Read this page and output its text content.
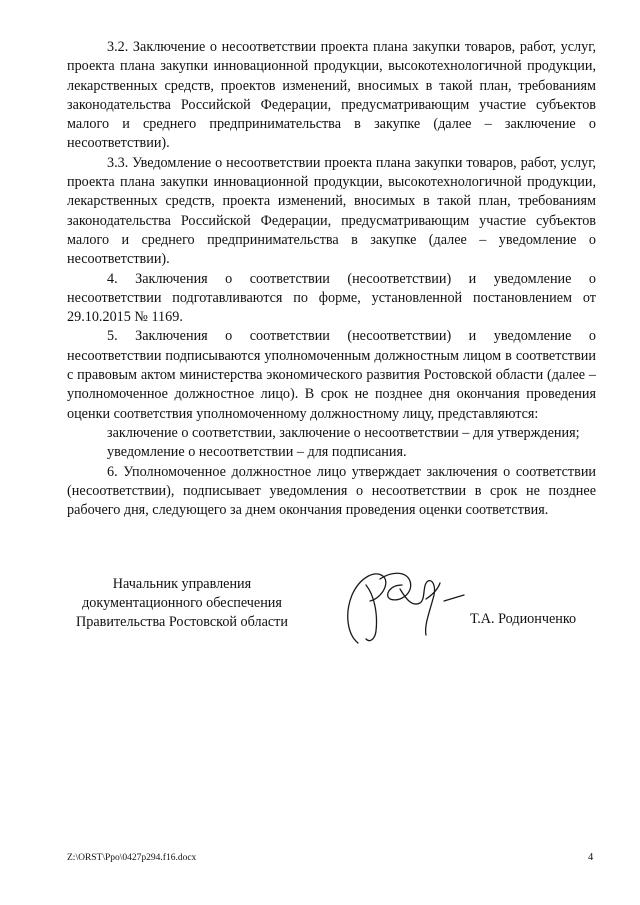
3.2. Заключение о несоответствии проекта плана закупки товаров, работ, услуг, проекта плана закупки инновационной продукции, высокотехнологичной продукции, лекарственных средств, проектов изменений, вносимых в такой план, требованиям законодательства Российской Федерации, предусматривающим участие субъектов малого и среднего предпринимательства в закупке (далее – заключение о несоответствии).

3.3. Уведомление о несоответствии проекта плана закупки товаров, работ, услуг, проекта плана закупки инновационной продукции, высокотехнологичной продукции, лекарственных средств, проекта изменений, вносимых в такой план, требованиям законодательства Российской Федерации, предусматривающим участие субъектов малого и среднего предпринимательства в закупке (далее – уведомление о несоответствии).

4. Заключения о соответствии (несоответствии) и уведомление о несоответствии подготавливаются по форме, установленной постановлением от 29.10.2015 № 1169.

5. Заключения о соответствии (несоответствии) и уведомление о несоответствии подписываются уполномоченным должностным лицом в соответствии с правовым актом министерства экономического развития Ростовской области (далее – уполномоченное должностное лицо). В срок не позднее дня окончания проведения оценки соответствия уполномоченному должностному лицу, представляются:

заключение о соответствии, заключение о несоответствии – для утверждения;

уведомление о несоответствии – для подписания.

6. Уполномоченное должностное лицо утверждает заключения о соответствии (несоответствии), подписывает уведомления о несоответствии в срок не позднее рабочего дня, следующего за днем окончания проведения оценки соответствия.

Начальник управления
документационного обеспечения
Правительства Ростовской области	Т.А. Родионченко
Z:\ORST\Ppo\0427p294.f16.docx	4
